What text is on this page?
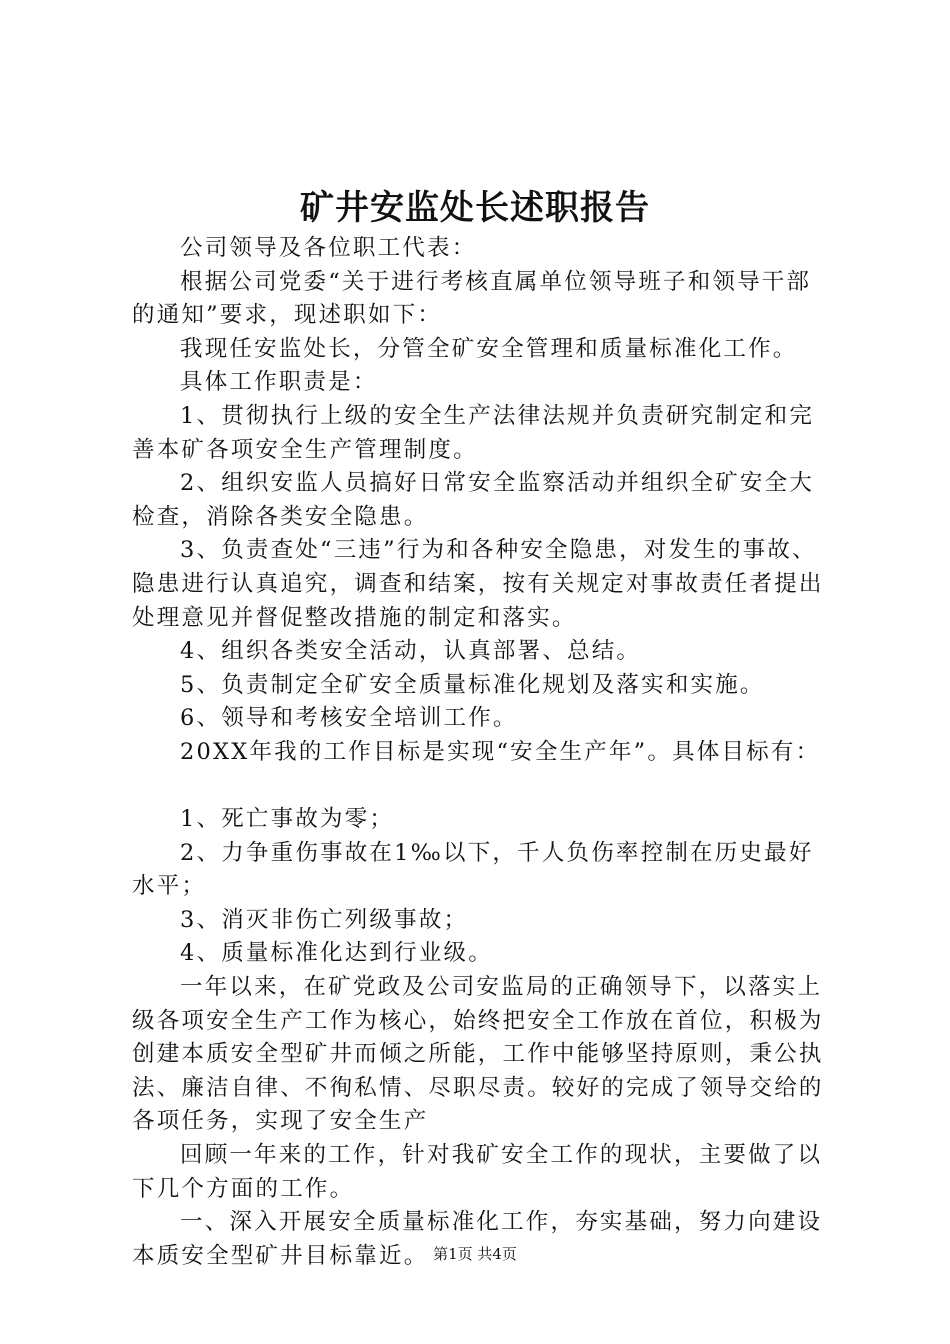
矿井安监处长述职报告

公司领导及各位职工代表：

根据公司党委“关于进行考核直属单位领导班子和领导干部的通知”要求，现述职如下：

我现任安监处长，分管全矿安全管理和质量标准化工作。

具体工作职责是：

1、贯彻执行上级的安全生产法律法规并负责研究制定和完善本矿各项安全生产管理制度。

2、组织安监人员搞好日常安全监察活动并组织全矿安全大检查，消除各类安全隐患。

3、负责查处“三违”行为和各种安全隐患，对发生的事故、隐患进行认真追究，调查和结案，按有关规定对事故责任者提出处理意见并督促整改措施的制定和落实。

4、组织各类安全活动，认真部署、总结。

5、负责制定全矿安全质量标准化规划及落实和实施。

6、领导和考核安全培训工作。

20XX年我的工作目标是实现“安全生产年”。具体目标有：

1、死亡事故为零；

2、力争重伤事故在1‰以下，千人负伤率控制在历史最好水平；

3、消灭非伤亡列级事故；

4、质量标准化达到行业级。

一年以来，在矿党政及公司安监局的正确领导下，以落实上级各项安全生产工作为核心，始终把安全工作放在首位，积极为创建本质安全型矿井而倾之所能，工作中能够坚持原则，秉公执法、廉洁自律、不徇私情、尽职尽责。较好的完成了领导交给的各项任务，实现了安全生产

回顾一年来的工作，针对我矿安全工作的现状，主要做了以下几个方面的工作。

一、深入开展安全质量标准化工作，夯实基础，努力向建设本质安全型矿井目标靠近。 第1页 共4页
